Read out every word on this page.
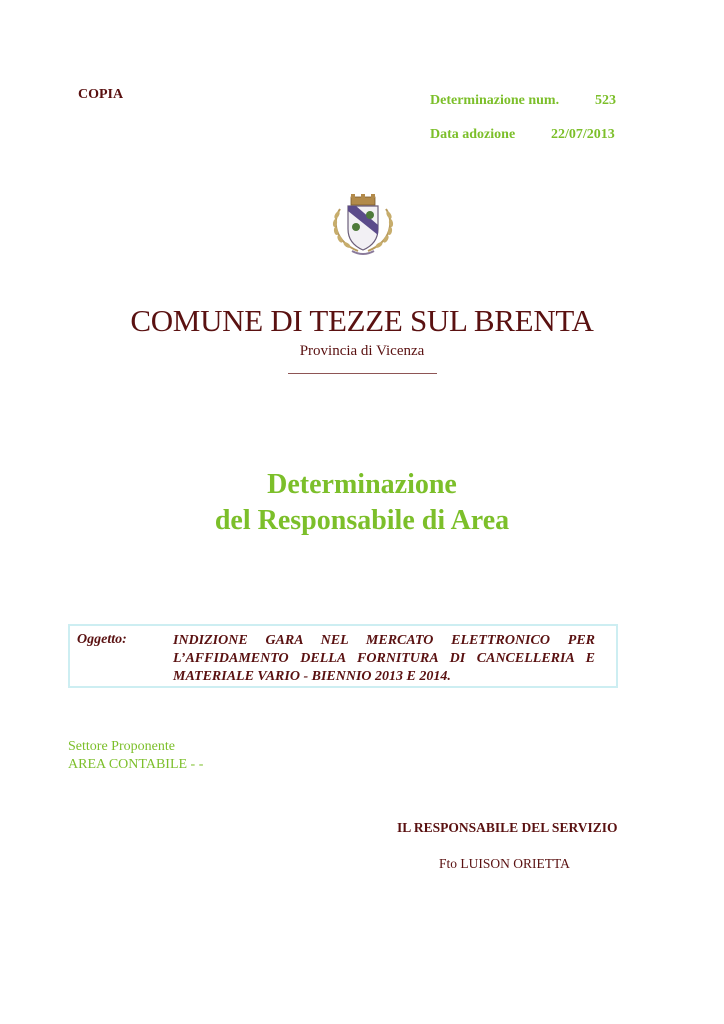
COPIA	Determinazione num.	523
Data adozione	22/07/2013
COMUNE DI TEZZE SUL BRENTA
Provincia di Vicenza
Determinazione
del Responsabile di Area
Oggetto:	INDIZIONE GARA NEL MERCATO ELETTRONICO PER
L’AFFIDAMENTO DELLA FORNITURA DI CANCELLERIA E
MATERIALE VARIO - BIENNIO 2013 E 2014.
Settore Proponente
AREA CONTABILE - -
IL RESPONSABILE DEL SERVIZIO
Fto LUISON ORIETTA
